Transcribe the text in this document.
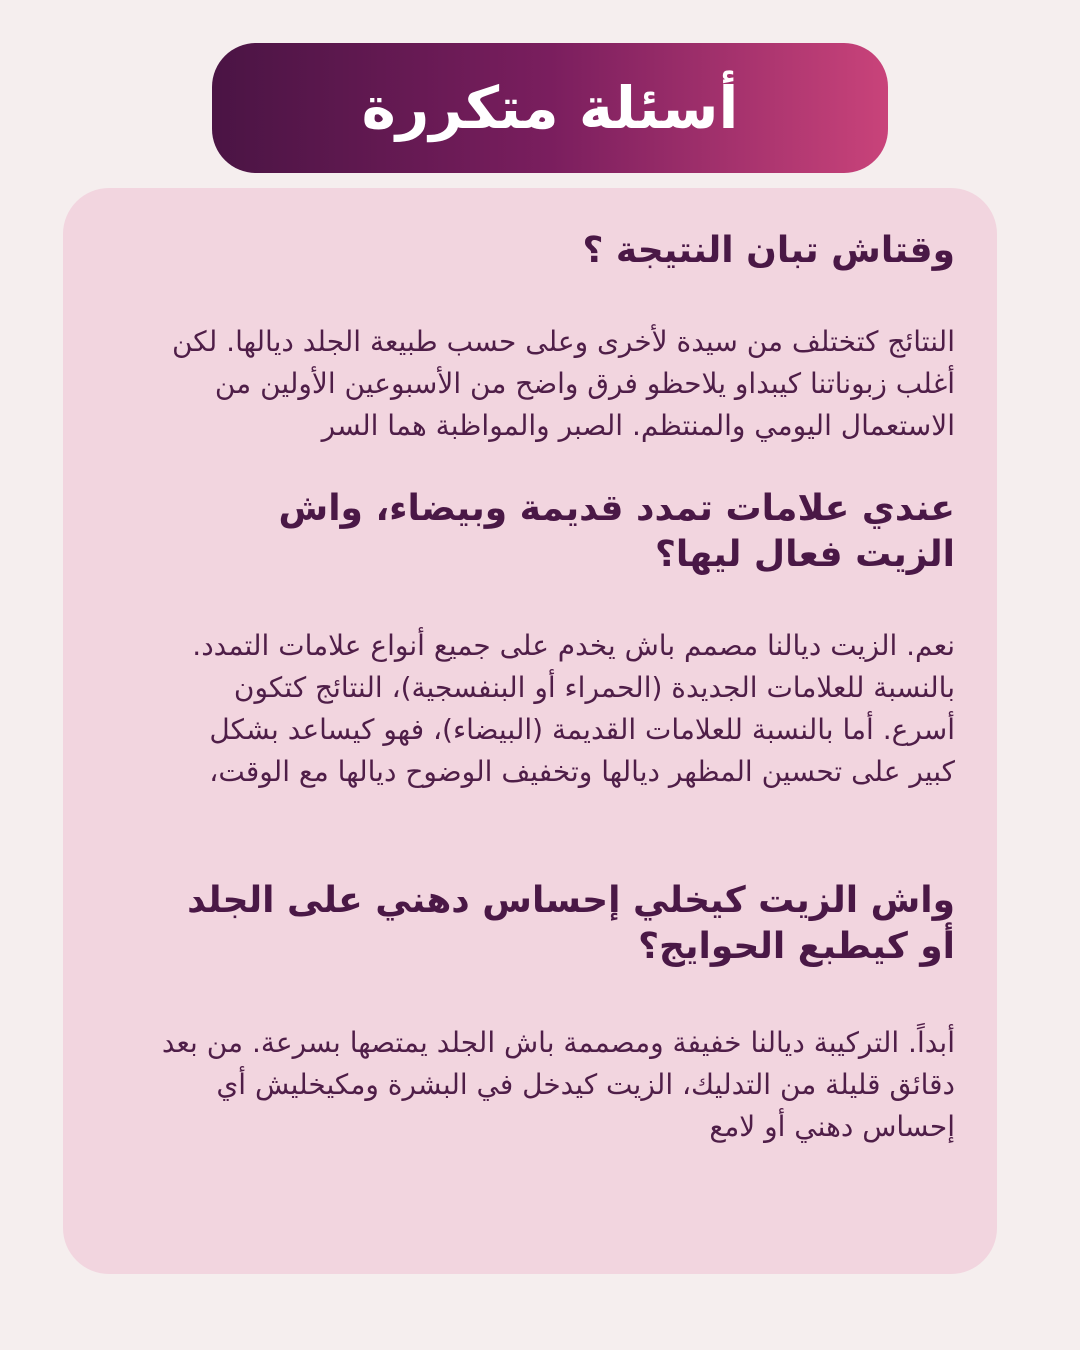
أسئلة متكررة
وقتاش تبان النتيجة ؟

النتائج كتختلف من سيدة لأخرى وعلى حسب طبيعة الجلد ديالها. لكن أغلب زبوناتنا كيبداو يلاحظو فرق واضح من الأسبوعين الأولين من الاستعمال اليومي والمنتظم. الصبر والمواظبة هما السر

عندي علامات تمدد قديمة وبيضاء، واش الزيت فعال ليها؟

نعم. الزيت ديالنا مصمم باش يخدم على جميع أنواع علامات التمدد. بالنسبة للعلامات الجديدة (الحمراء أو البنفسجية)، النتائج كتكون أسرع. أما بالنسبة للعلامات القديمة (البيضاء)، فهو كيساعد بشكل كبير على تحسين المظهر ديالها وتخفيف الوضوح ديالها مع الوقت،

واش الزيت كيخلي إحساس دهني على الجلد أو كيطبع الحوايج؟

أبداً. التركيبة ديالنا خفيفة ومصممة باش الجلد يمتصها بسرعة. من بعد دقائق قليلة من التدليك، الزيت كيدخل في البشرة ومكيخليش أي إحساس دهني أو لامع
